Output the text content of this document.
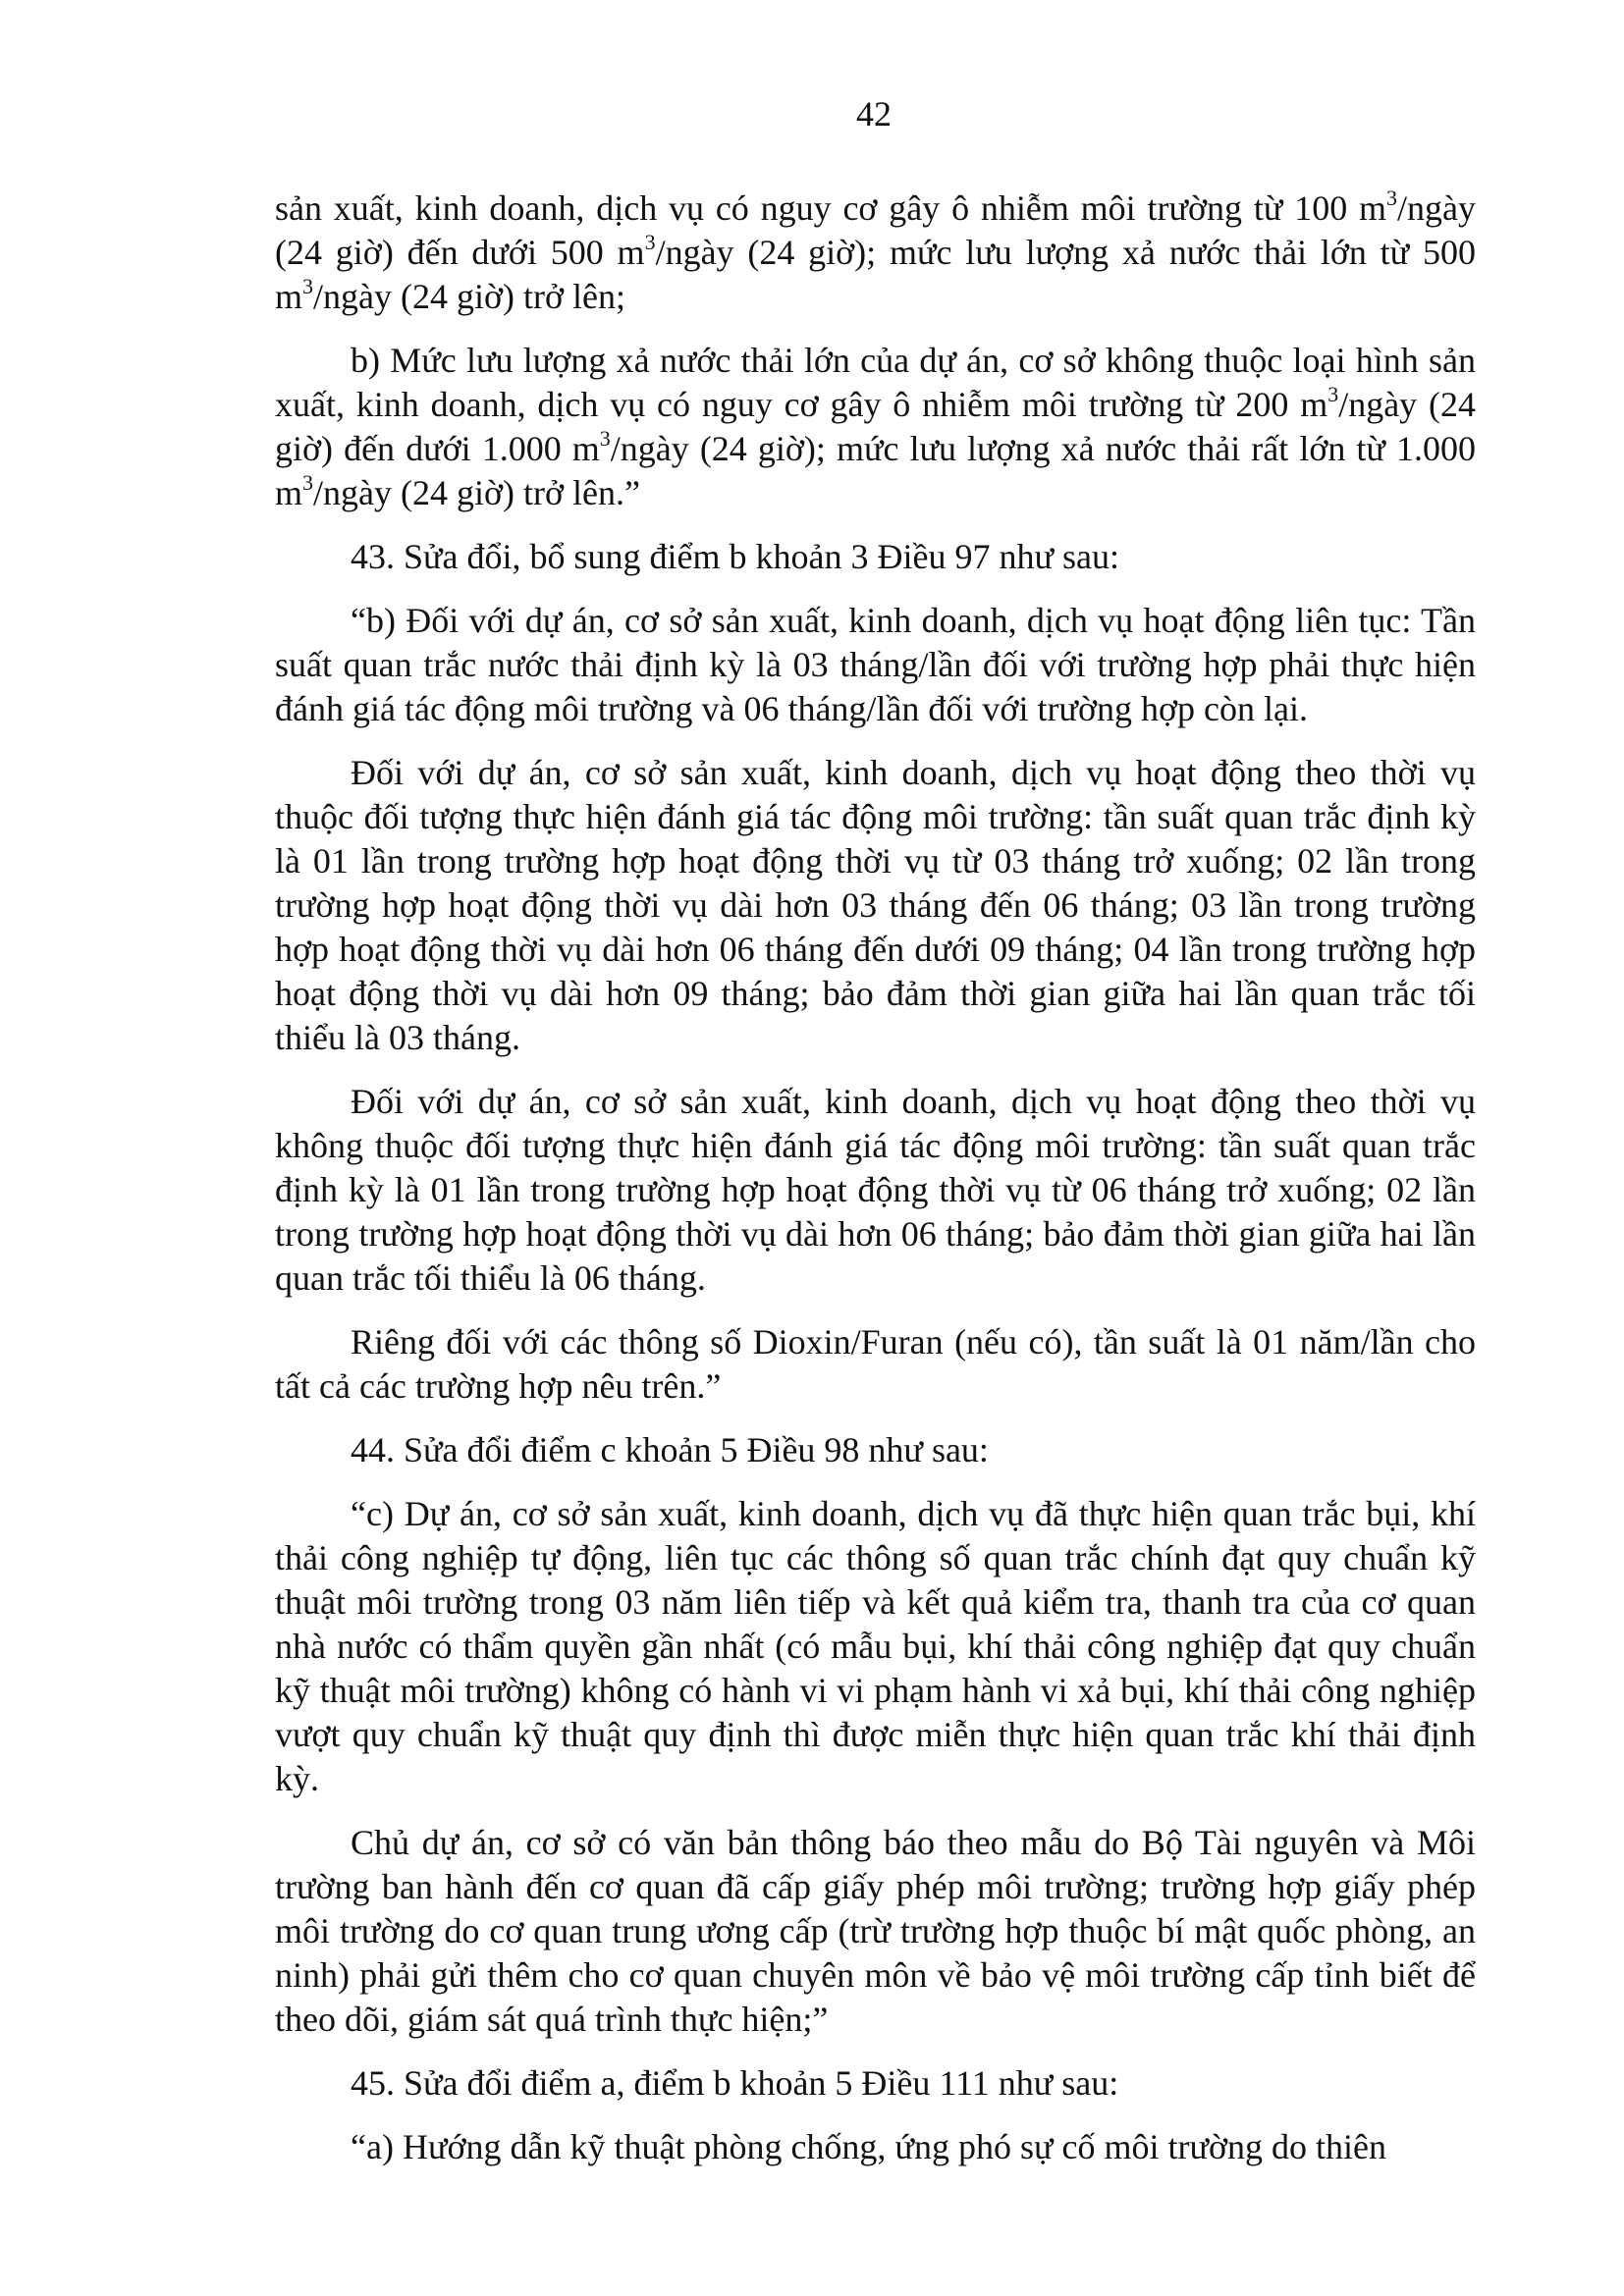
42

sản xuất, kinh doanh, dịch vụ có nguy cơ gây ô nhiễm môi trường từ 100 $m^3$/ngày (24 giờ) đến dưới 500 $m^3$/ngày (24 giờ); mức lưu lượng xả nước thải lớn từ 500 $m^3$/ngày (24 giờ) trở lên;

b) Mức lưu lượng xả nước thải lớn của dự án, cơ sở không thuộc loại hình sản xuất, kinh doanh, dịch vụ có nguy cơ gây ô nhiễm môi trường từ 200 $m^3$/ngày (24 giờ) đến dưới 1.000 $m^3$/ngày (24 giờ); mức lưu lượng xả nước thải rất lớn từ 1.000 $m^3$/ngày (24 giờ) trở lên.”

43. Sửa đổi, bổ sung điểm b khoản 3 Điều 97 như sau:

“b) Đối với dự án, cơ sở sản xuất, kinh doanh, dịch vụ hoạt động liên tục: Tần suất quan trắc nước thải định kỳ là 03 tháng/lần đối với trường hợp phải thực hiện đánh giá tác động môi trường và 06 tháng/lần đối với trường hợp còn lại.

Đối với dự án, cơ sở sản xuất, kinh doanh, dịch vụ hoạt động theo thời vụ thuộc đối tượng thực hiện đánh giá tác động môi trường: tần suất quan trắc định kỳ là 01 lần trong trường hợp hoạt động thời vụ từ 03 tháng trở xuống; 02 lần trong trường hợp hoạt động thời vụ dài hơn 03 tháng đến 06 tháng; 03 lần trong trường hợp hoạt động thời vụ dài hơn 06 tháng đến dưới 09 tháng; 04 lần trong trường hợp hoạt động thời vụ dài hơn 09 tháng; bảo đảm thời gian giữa hai lần quan trắc tối thiểu là 03 tháng.

Đối với dự án, cơ sở sản xuất, kinh doanh, dịch vụ hoạt động theo thời vụ không thuộc đối tượng thực hiện đánh giá tác động môi trường: tần suất quan trắc định kỳ là 01 lần trong trường hợp hoạt động thời vụ từ 06 tháng trở xuống; 02 lần trong trường hợp hoạt động thời vụ dài hơn 06 tháng; bảo đảm thời gian giữa hai lần quan trắc tối thiểu là 06 tháng.

Riêng đối với các thông số Dioxin/Furan (nếu có), tần suất là 01 năm/lần cho tất cả các trường hợp nêu trên.”

44. Sửa đổi điểm c khoản 5 Điều 98 như sau:

“c) Dự án, cơ sở sản xuất, kinh doanh, dịch vụ đã thực hiện quan trắc bụi, khí thải công nghiệp tự động, liên tục các thông số quan trắc chính đạt quy chuẩn kỹ thuật môi trường trong 03 năm liên tiếp và kết quả kiểm tra, thanh tra của cơ quan nhà nước có thẩm quyền gần nhất (có mẫu bụi, khí thải công nghiệp đạt quy chuẩn kỹ thuật môi trường) không có hành vi vi phạm hành vi xả bụi, khí thải công nghiệp vượt quy chuẩn kỹ thuật quy định thì được miễn thực hiện quan trắc khí thải định kỳ.

Chủ dự án, cơ sở có văn bản thông báo theo mẫu do Bộ Tài nguyên và Môi trường ban hành đến cơ quan đã cấp giấy phép môi trường; trường hợp giấy phép môi trường do cơ quan trung ương cấp (trừ trường hợp thuộc bí mật quốc phòng, an ninh) phải gửi thêm cho cơ quan chuyên môn về bảo vệ môi trường cấp tỉnh biết để theo dõi, giám sát quá trình thực hiện;”

45. Sửa đổi điểm a, điểm b khoản 5 Điều 111 như sau:

“a) Hướng dẫn kỹ thuật phòng chống, ứng phó sự cố môi trường do thiên
